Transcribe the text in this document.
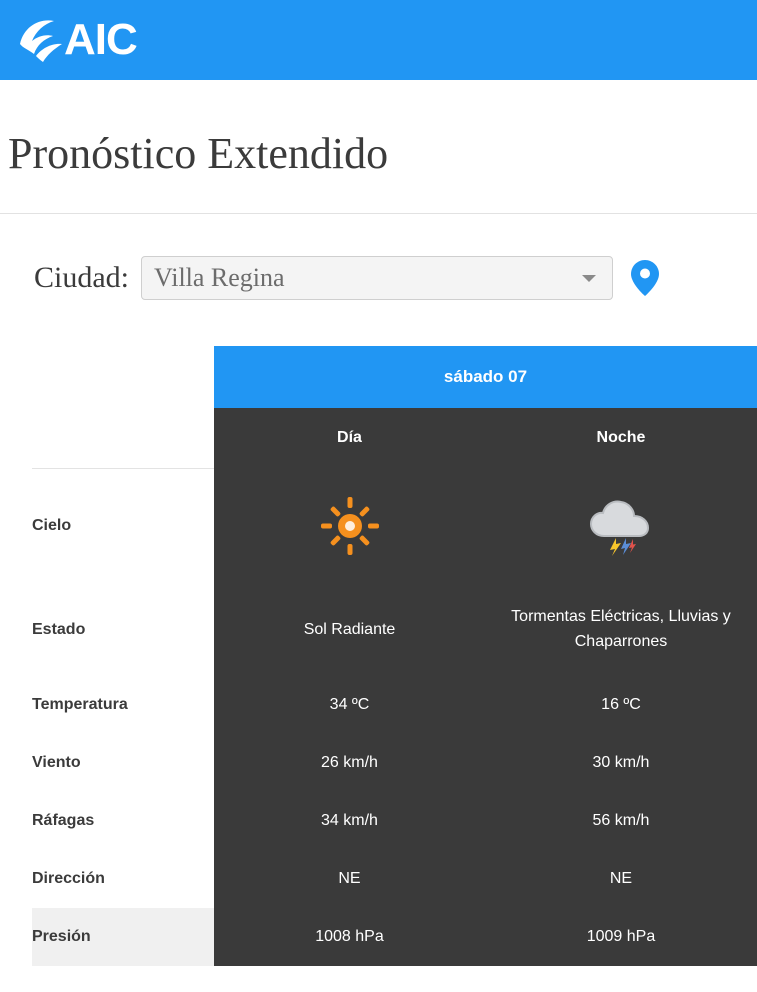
AIC
Pronóstico Extendido
Ciudad: Villa Regina
	sábado 07	
	Día	Noche
Cielo		
Estado	Sol Radiante	Tormentas Eléctricas, Lluvias y Chaparrones
Temperatura	34 ºC	16 ºC
Viento	26 km/h	30 km/h
Ráfagas	34 km/h	56 km/h
Dirección	NE	NE
Presión	1008 hPa	1009 hPa
